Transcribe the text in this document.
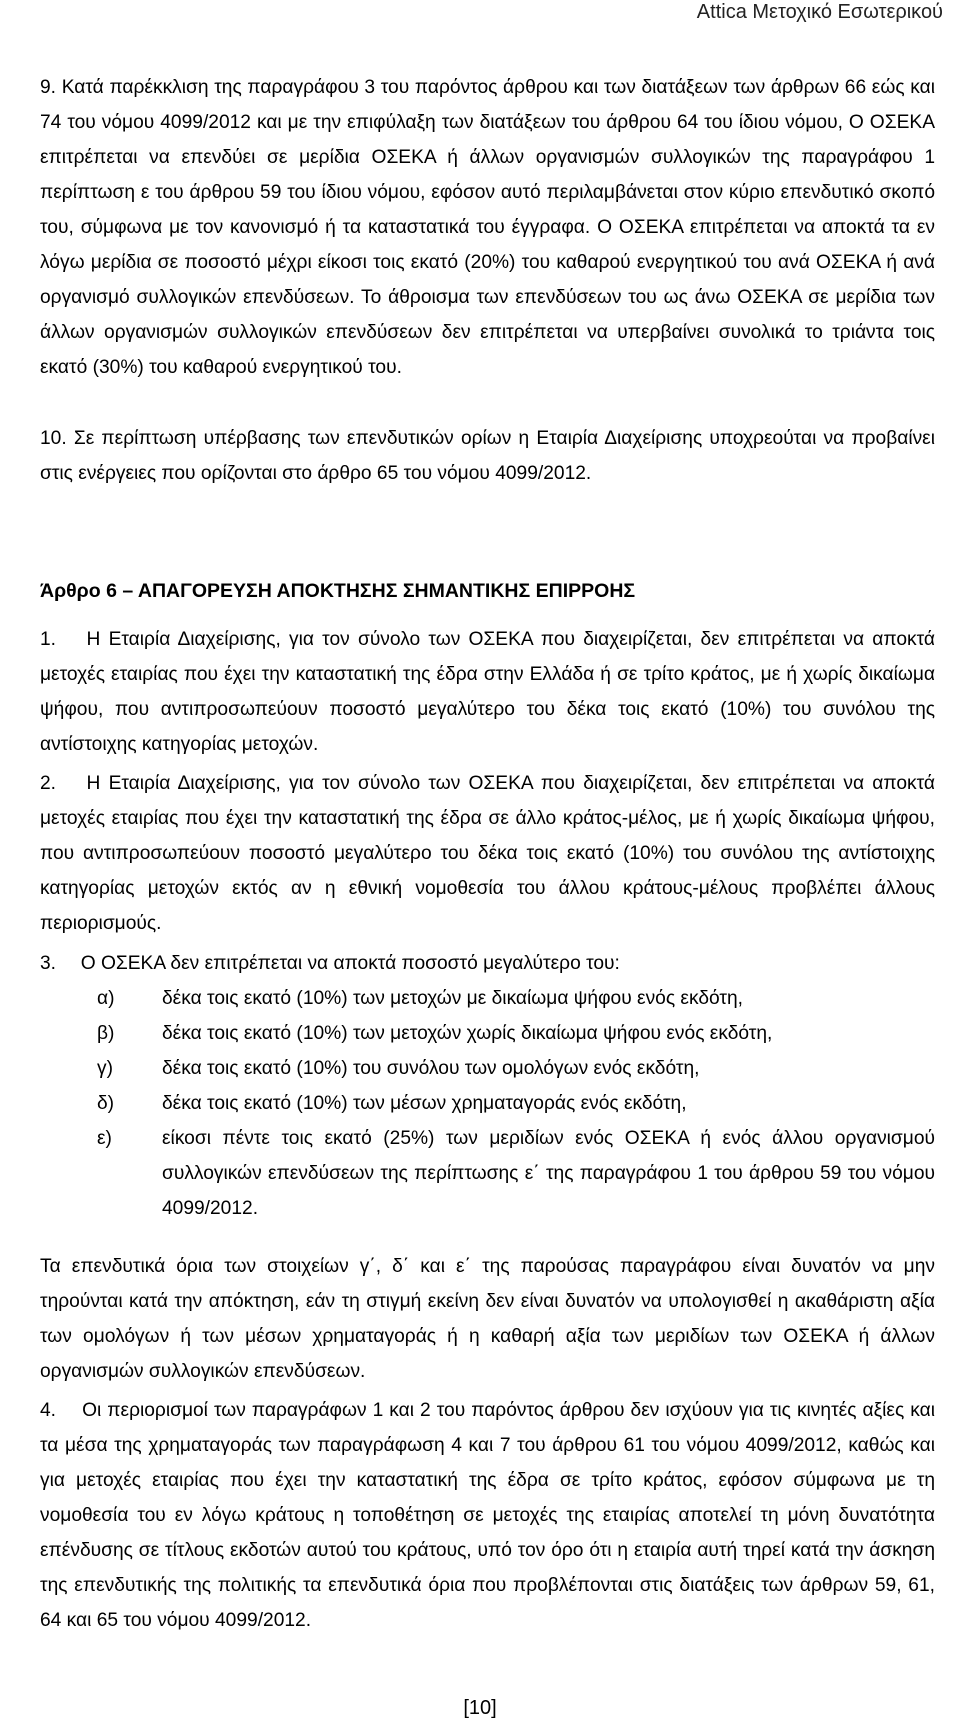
Attica Μετοχικό Εσωτερικού

9. Κατά παρέκκλιση της παραγράφου 3 του παρόντος άρθρου και των διατάξεων των άρθρων 66 εώς και 74 του νόμου 4099/2012 και με την επιφύλαξη των διατάξεων του άρθρου 64 του ίδιου νόμου, Ο ΟΣΕΚΑ επιτρέπεται να επενδύει σε μερίδια ΟΣΕΚΑ ή άλλων οργανισμών συλλογικών της παραγράφου 1 περίπτωση ε του άρθρου 59 του ίδιου νόμου, εφόσον αυτό περιλαμβάνεται στον κύριο επενδυτικό σκοπό του, σύμφωνα με τον κανονισμό ή τα καταστατικά του έγγραφα. Ο ΟΣΕΚΑ επιτρέπεται να αποκτά τα εν λόγω μερίδια σε ποσοστό μέχρι είκοσι τοις εκατό (20%) του καθαρού ενεργητικού του ανά ΟΣΕΚΑ ή ανά οργανισμό συλλογικών επενδύσεων. Το άθροισμα των επενδύσεων του ως άνω ΟΣΕΚΑ σε μερίδια των άλλων οργανισμών συλλογικών επενδύσεων δεν επιτρέπεται να υπερβαίνει συνολικά το τριάντα τοις εκατό (30%) του καθαρού ενεργητικού του.

10. Σε περίπτωση υπέρβασης των επενδυτικών ορίων η Εταιρία Διαχείρισης υποχρεούται να προβαίνει στις ενέργειες που ορίζονται στο άρθρο 65 του νόμου 4099/2012.

Άρθρο 6 – ΑΠΑΓΟΡΕΥΣΗ ΑΠΟΚΤΗΣΗΣ ΣΗΜΑΝΤΙΚΗΣ ΕΠΙΡΡΟΗΣ

1. Η Εταιρία Διαχείρισης, για τον σύνολο των ΟΣΕΚΑ που διαχειρίζεται, δεν επιτρέπεται να αποκτά μετοχές εταιρίας που έχει την καταστατική της έδρα στην Ελλάδα ή σε τρίτο κράτος, με ή χωρίς δικαίωμα ψήφου, που αντιπροσωπεύουν ποσοστό μεγαλύτερο του δέκα τοις εκατό (10%) του συνόλου της αντίστοιχης κατηγορίας μετοχών.

2. Η Εταιρία Διαχείρισης, για τον σύνολο των ΟΣΕΚΑ που διαχειρίζεται, δεν επιτρέπεται να αποκτά μετοχές εταιρίας που έχει την καταστατική της έδρα σε άλλο κράτος-μέλος, με ή χωρίς δικαίωμα ψήφου, που αντιπροσωπεύουν ποσοστό μεγαλύτερο του δέκα τοις εκατό (10%) του συνόλου της αντίστοιχης κατηγορίας μετοχών εκτός αν η εθνική νομοθεσία του άλλου κράτους-μέλους προβλέπει άλλους περιορισμούς.

3. Ο ΟΣΕΚΑ δεν επιτρέπεται να αποκτά ποσοστό μεγαλύτερο του:
α) δέκα τοις εκατό (10%) των μετοχών με δικαίωμα ψήφου ενός εκδότη,
β) δέκα τοις εκατό (10%) των μετοχών χωρίς δικαίωμα ψήφου ενός εκδότη,
γ)	δέκα τοις εκατό (10%) του συνόλου των ομολόγων ενός εκδότη,
δ) δέκα τοις εκατό (10%) των μέσων χρηματαγοράς ενός εκδότη,
ε)	είκοσι πέντε τοις εκατό (25%) των μεριδίων ενός ΟΣΕΚΑ ή ενός άλλου οργανισμού συλλογικών επενδύσεων της περίπτωσης ε΄ της παραγράφου 1 του άρθρου 59 του νόμου 4099/2012.

Τα επενδυτικά όρια των στοιχείων γ΄, δ΄ και ε΄ της παρούσας παραγράφου είναι δυνατόν να μην τηρούνται κατά την απόκτηση, εάν τη στιγμή εκείνη δεν είναι δυνατόν να υπολογισθεί η ακαθάριστη αξία των ομολόγων ή των μέσων χρηματαγοράς ή η καθαρή αξία των μεριδίων των ΟΣΕΚΑ ή άλλων οργανισμών συλλογικών επενδύσεων.

4. Οι περιορισμοί των παραγράφων 1 και 2 του παρόντος άρθρου δεν ισχύουν για τις κινητές αξίες και τα μέσα της χρηματαγοράς των παραγράφωση 4 και 7 του άρθρου 61 του νόμου 4099/2012, καθώς και για μετοχές εταιρίας που έχει την καταστατική της έδρα σε τρίτο κράτος, εφόσον σύμφωνα με τη νομοθεσία του εν λόγω κράτους η τοποθέτηση σε μετοχές της εταιρίας αποτελεί τη μόνη δυνατότητα επένδυσης σε τίτλους εκδοτών αυτού του κράτους, υπό τον όρο ότι η εταιρία αυτή τηρεί κατά την άσκηση της επενδυτικής της πολιτικής τα επενδυτικά όρια που προβλέπονται στις διατάξεις των άρθρων 59, 61, 64 και 65 του νόμου 4099/2012.

[10]
